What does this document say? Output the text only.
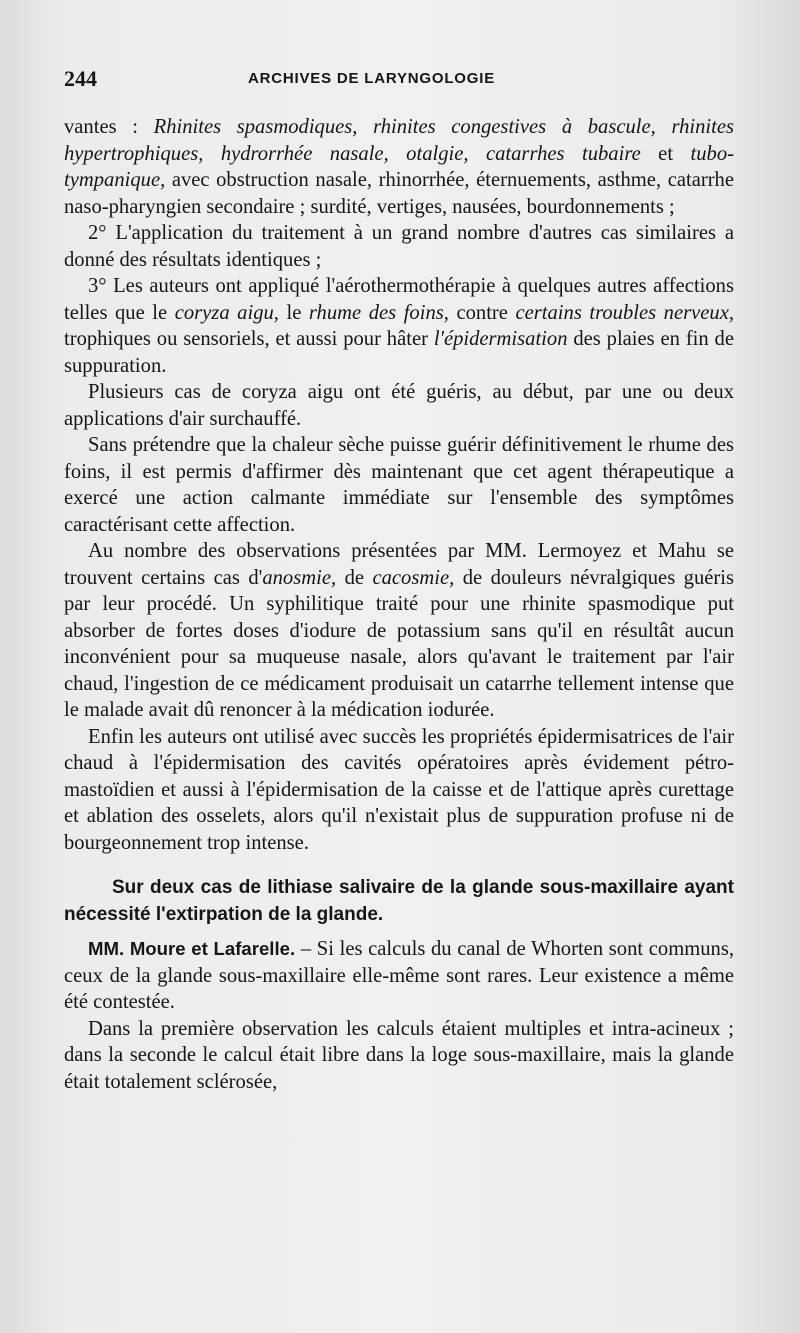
244	ARCHIVES DE LARYNGOLOGIE

vantes : Rhinites spasmodiques, rhinites congestives à bascule, rhinites hypertrophiques, hydrorrhée nasale, otalgie, catarrhes tubaire et tubo-tympanique, avec obstruction nasale, rhinorrhée, éternuements, asthme, catarrhe naso-pharyngien secondaire ; surdité, vertiges, nausées, bourdonnements ;

2° L'application du traitement à un grand nombre d'autres cas similaires a donné des résultats identiques ;

3° Les auteurs ont appliqué l'aérothermothérapie à quelques autres affections telles que le coryza aigu, le rhume des foins, contre certains troubles nerveux, trophiques ou sensoriels, et aussi pour hâter l'épidermisation des plaies en fin de suppuration.

Plusieurs cas de coryza aigu ont été guéris, au début, par une ou deux applications d'air surchauffé.

Sans prétendre que la chaleur sèche puisse guérir définitivement le rhume des foins, il est permis d'affirmer dès maintenant que cet agent thérapeutique a exercé une action calmante immédiate sur l'ensemble des symptômes caractérisant cette affection.

Au nombre des observations présentées par MM. Lermoyez et Mahu se trouvent certains cas d'anosmie, de cacosmie, de douleurs névralgiques guéris par leur procédé. Un syphilitique traité pour une rhinite spasmodique put absorber de fortes doses d'iodure de potassium sans qu'il en résultât aucun inconvénient pour sa muqueuse nasale, alors qu'avant le traitement par l'air chaud, l'ingestion de ce médicament produisait un catarrhe tellement intense que le malade avait dû renoncer à la médication iodurée.

Enfin les auteurs ont utilisé avec succès les propriétés épidermisatrices de l'air chaud à l'épidermisation des cavités opératoires après évidement pétro-mastoïdien et aussi à l'épidermisation de la caisse et de l'attique après curettage et ablation des osselets, alors qu'il n'existait plus de suppuration profuse ni de bourgeonnement trop intense.

Sur deux cas de lithiase salivaire de la glande sous-maxillaire ayant nécessité l'extirpation de la glande.

MM. Moure et Lafarelle. – Si les calculs du canal de Whorten sont communs, ceux de la glande sous-maxillaire elle-même sont rares. Leur existence a même été contestée.

Dans la première observation les calculs étaient multiples et intra-acineux ; dans la seconde le calcul était libre dans la loge sous-maxillaire, mais la glande était totalement sclérosée,
